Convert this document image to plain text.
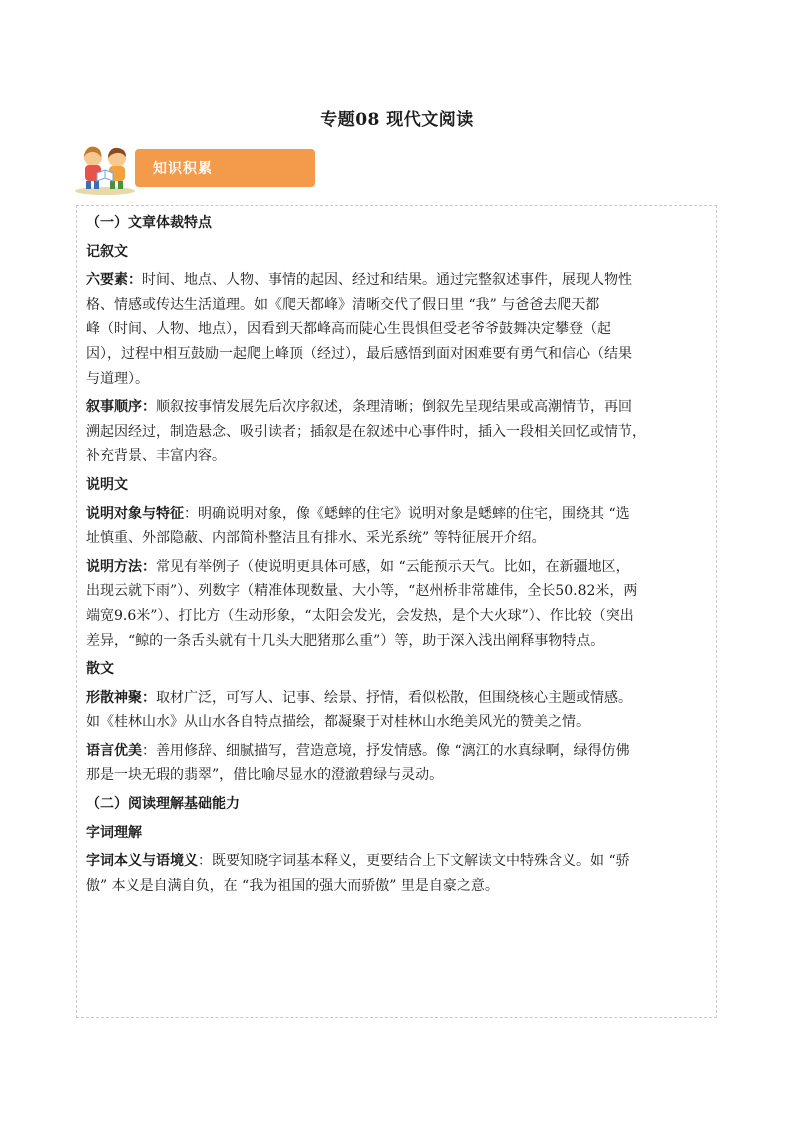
专题08 现代文阅读
知识积累
（一）文章体裁特点
记叙文
六要素：时间、地点、人物、事情的起因、经过和结果。通过完整叙述事件，展现人物性
格、情感或传达生活道理。如《爬天都峰》清晰交代了假日里 “我” 与爸爸去爬天都
峰（时间、人物、地点），因看到天都峰高而陡心生畏惧但受老爷爷鼓舞决定攀登（起
因），过程中相互鼓励一起爬上峰顶（经过），最后感悟到面对困难要有勇气和信心（结果
与道理）。
叙事顺序：顺叙按事情发展先后次序叙述，条理清晰；倒叙先呈现结果或高潮情节，再回
溯起因经过，制造悬念、吸引读者；插叙是在叙述中心事件时，插入一段相关回忆或情节，
补充背景、丰富内容。
说明文
说明对象与特征：明确说明对象，像《蟋蟀的住宅》说明对象是蟋蟀的住宅，围绕其 “选
址慎重、外部隐蔽、内部简朴整洁且有排水、采光系统” 等特征展开介绍。
说明方法：常见有举例子（使说明更具体可感，如 “云能预示天气。比如，在新疆地区，
出现云就下雨”）、列数字（精准体现数量、大小等，“赵州桥非常雄伟，全长50.82米，两
端宽9.6米”）、打比方（生动形象，“太阳会发光，会发热，是个大火球”）、作比较（突出
差异，“鲸的一条舌头就有十几头大肥猪那么重”）等，助于深入浅出阐释事物特点。
散文
形散神聚：取材广泛，可写人、记事、绘景、抒情，看似松散，但围绕核心主题或情感。
如《桂林山水》从山水各自特点描绘，都凝聚于对桂林山水绝美风光的赞美之情。
语言优美：善用修辞、细腻描写，营造意境，抒发情感。像 “漓江的水真绿啊，绿得仿佛
那是一块无瑕的翡翠”，借比喻尽显水的澄澈碧绿与灵动。
（二）阅读理解基础能力
字词理解
字词本义与语境义：既要知晓字词基本释义，更要结合上下文解读文中特殊含义。如 “骄
傲” 本义是自满自负，在 “我为祖国的强大而骄傲” 里是自豪之意。
